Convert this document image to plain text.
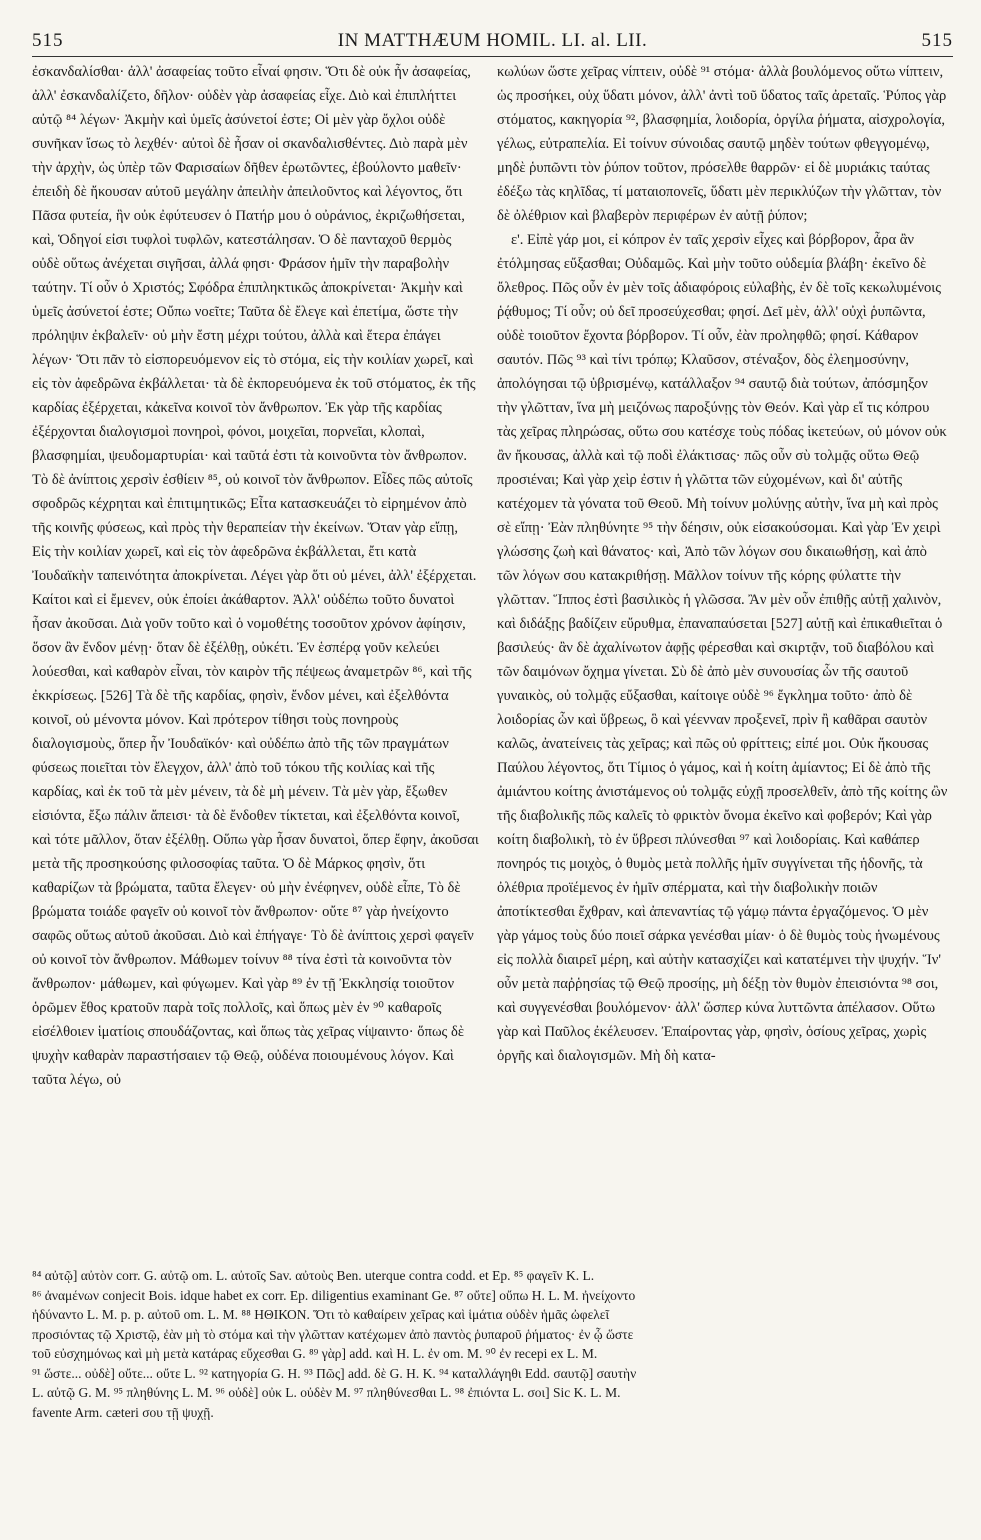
515	IN MATTHÆUM HOMIL. LI. al. LII.	515

ἐσκανδαλίσθαι· ἀλλ' ἀσαφείας τοῦτο εἶναί φησιν. Ὅτι δὲ οὐκ ἦν ἀσαφείας, ἀλλ' ἐσκανδαλίζετο, δῆλον· οὐδὲν γὰρ ἀσαφείας εἶχε. Διὸ καὶ ἐπιπλήττει αὐτῷ ⁸⁴ λέγων· Ἀκμὴν καὶ ὑμεῖς ἀσύνετοί ἐστε; Οἱ μὲν γὰρ ὄχλοι οὐδὲ συνῆκαν ἴσως τὸ λεχθέν· αὐτοὶ δὲ ἦσαν οἱ σκανδαλισθέντες. Διὸ παρὰ μὲν τὴν ἀρχὴν, ὡς ὑπὲρ τῶν Φαρισαίων δῆθεν ἐρωτῶντες, ἐβούλοντο μαθεῖν· ἐπειδὴ δὲ ἤκουσαν αὐτοῦ μεγάλην ἀπειλὴν ἀπειλοῦντος καὶ λέγοντος, ὅτι Πᾶσα φυτεία, ἣν οὐκ ἐφύτευσεν ὁ Πατήρ μου ὁ οὐράνιος, ἐκριζωθήσεται, καὶ, Ὁδηγοί εἰσι τυφλοὶ τυφλῶν, κατεστάλησαν. Ὁ δὲ πανταχοῦ θερμὸς οὐδὲ οὕτως ἀνέχεται σιγῆσαι, ἀλλά φησι· Φράσον ἡμῖν τὴν παραβολὴν ταύτην. Τί οὖν ὁ Χριστός; Σφόδρα ἐπιπληκτικῶς ἀποκρίνεται· Ἀκμὴν καὶ ὑμεῖς ἀσύνετοί ἐστε; Οὔπω νοεῖτε; Ταῦτα δὲ ἔλεγε καὶ ἐπετίμα, ὥστε τὴν πρόληψιν ἐκβαλεῖν· οὐ μὴν ἔστη μέχρι τούτου, ἀλλὰ καὶ ἕτερα ἐπάγει λέγων· Ὅτι πᾶν τὸ εἰσπορευόμενον εἰς τὸ στόμα, εἰς τὴν κοιλίαν χωρεῖ, καὶ εἰς τὸν ἀφεδρῶνα ἐκβάλλεται· τὰ δὲ ἐκπορευόμενα ἐκ τοῦ στόματος, ἐκ τῆς καρδίας ἐξέρχεται, κἀκεῖνα κοινοῖ τὸν ἄνθρωπον. Ἐκ γὰρ τῆς καρδίας ἐξέρχονται διαλογισμοὶ πονηροὶ, φόνοι, μοιχεῖαι, πορνεῖαι, κλοπαὶ, βλασφημίαι, ψευδομαρτυρίαι· καὶ ταῦτά ἐστι τὰ κοινοῦντα τὸν ἄνθρωπον. Τὸ δὲ ἀνίπτοις χερσὶν ἐσθίειν ⁸⁵, οὐ κοινοῖ τὸν ἄνθρωπον. Εἶδες πῶς αὐτοῖς σφοδρῶς κέχρηται καὶ ἐπιτιμητικῶς; Εἶτα κατασκευάζει τὸ εἰρημένον ἀπὸ τῆς κοινῆς φύσεως, καὶ πρὸς τὴν θεραπείαν τὴν ἐκείνων. Ὅταν γὰρ εἴπῃ, Εἰς τὴν κοιλίαν χωρεῖ, καὶ εἰς τὸν ἀφεδρῶνα ἐκβάλλεται, ἔτι κατὰ Ἰουδαϊκὴν ταπεινότητα ἀποκρίνεται. Λέγει γὰρ ὅτι οὐ μένει, ἀλλ' ἐξέρχεται. Καίτοι καὶ εἰ ἔμενεν, οὐκ ἐποίει ἀκάθαρτον. Ἀλλ' οὐδέπω τοῦτο δυνατοὶ ἦσαν ἀκοῦσαι. Διὰ γοῦν τοῦτο καὶ ὁ νομοθέτης τοσοῦτον χρόνον ἀφίησιν, ὅσον ἂν ἔνδον μένῃ· ὅταν δὲ ἐξέλθῃ, οὐκέτι. Ἐν ἑσπέρᾳ γοῦν κελεύει λούεσθαι, καὶ καθαρὸν εἶναι, τὸν καιρὸν τῆς πέψεως ἀναμετρῶν ⁸⁶, καὶ τῆς ἐκκρίσεως. [526] Τὰ δὲ τῆς καρδίας, φησὶν, ἔνδον μένει, καὶ ἐξελθόντα κοινοῖ, οὐ μένοντα μόνον. Καὶ πρότερον τίθησι τοὺς πονηροὺς διαλογισμοὺς, ὅπερ ἦν Ἰουδαϊκόν· καὶ οὐδέπω ἀπὸ τῆς τῶν πραγμάτων φύσεως ποιεῖται τὸν ἔλεγχον, ἀλλ' ἀπὸ τοῦ τόκου τῆς κοιλίας καὶ τῆς καρδίας, καὶ ἐκ τοῦ τὰ μὲν μένειν, τὰ δὲ μὴ μένειν. Τὰ μὲν γὰρ, ἔξωθεν εἰσιόντα, ἔξω πάλιν ἄπεισι· τὰ δὲ ἔνδοθεν τίκτεται, καὶ ἐξελθόντα κοινοῖ, καὶ τότε μᾶλλον, ὅταν ἐξέλθῃ. Οὕπω γὰρ ἦσαν δυνατοὶ, ὅπερ ἔφην, ἀκοῦσαι μετὰ τῆς προσηκούσης φιλοσοφίας ταῦτα. Ὁ δὲ Μάρκος φησὶν, ὅτι καθαρίζων τὰ βρώματα, ταῦτα ἔλεγεν· οὐ μὴν ἐνέφηνεν, οὐδὲ εἶπε, Τὸ δὲ βρώματα τοιάδε φαγεῖν οὐ κοινοῖ τὸν ἄνθρωπον· οὔτε ⁸⁷ γὰρ ἠνείχοντο σαφῶς οὕτως αὐτοῦ ἀκοῦσαι. Διὸ καὶ ἐπήγαγε· Τὸ δὲ ἀνίπτοις χερσὶ φαγεῖν οὐ κοινοῖ τὸν ἄνθρωπον. Μάθωμεν τοίνυν ⁸⁸ τίνα ἐστὶ τὰ κοινοῦντα τὸν ἄνθρωπον· μάθωμεν, καὶ φύγωμεν. Καὶ γὰρ ⁸⁹ ἐν τῇ Ἐκκλησίᾳ τοιοῦτον ὁρῶμεν ἔθος κρατοῦν παρὰ τοῖς πολλοῖς, καὶ ὅπως μὲν ἐν ⁹⁰ καθαροῖς εἰσέλθοιεν ἱματίοις σπουδάζοντας, καὶ ὅπως τὰς χεῖρας νίψαιντο· ὅπως δὲ ψυχὴν καθαρὰν παραστήσαιεν τῷ Θεῷ, οὐδένα ποιουμένους λόγον. Καὶ ταῦτα λέγω, οὐ

κωλύων ὥστε χεῖρας νίπτειν, οὐδὲ ⁹¹ στόμα· ἀλλὰ βουλόμενος οὕτω νίπτειν, ὡς προσήκει, οὐχ ὕδατι μόνον, ἀλλ' ἀντὶ τοῦ ὕδατος ταῖς ἀρεταῖς. Ῥύπος γὰρ στόματος, κακηγορία ⁹², βλασφημία, λοιδορία, ὀργίλα ῥήματα, αἰσχρολογία, γέλως, εὐτραπελία. Εἰ τοίνυν σύνοιδας σαυτῷ μηδὲν τούτων φθεγγομένῳ, μηδὲ ῥυπῶντι τὸν ῥύπον τοῦτον, πρόσελθε θαρρῶν· εἰ δὲ μυριάκις ταύτας ἐδέξω τὰς κηλῖδας, τί ματαιοπονεῖς, ὕδατι μὲν περικλύζων τὴν γλῶτταν, τὸν δὲ ὀλέθριον καὶ βλαβερὸν περιφέρων ἐν αὐτῇ ῥύπον;

ε'. Εἰπὲ γάρ μοι, εἰ κόπρον ἐν ταῖς χερσὶν εἶχες καὶ βόρβορον, ἆρα ἂν ἐτόλμησας εὔξασθαι; Οὐδαμῶς. Καὶ μὴν τοῦτο οὐδεμία βλάβη· ἐκεῖνο δὲ ὄλεθρος. Πῶς οὖν ἐν μὲν τοῖς ἀδιαφόροις εὐλαβὴς, ἐν δὲ τοῖς κεκωλυμένοις ῥᾴθυμος; Τί οὖν; οὐ δεῖ προσεύχεσθαι; φησί. Δεῖ μὲν, ἀλλ' οὐχὶ ῥυπῶντα, οὐδὲ τοιοῦτον ἔχοντα βόρβορον. Τί οὖν, ἐὰν προληφθῶ; φησί. Κάθαρον σαυτόν. Πῶς ⁹³ καὶ τίνι τρόπῳ; Κλαῦσον, στέναξον, δὸς ἐλεημοσύνην, ἀπολόγησαι τῷ ὑβρισμένῳ, κατάλλαξον ⁹⁴ σαυτῷ διὰ τούτων, ἀπόσμηξον τὴν γλῶτταν, ἵνα μὴ μειζόνως παροξύνῃς τὸν Θεόν. Καὶ γὰρ εἴ τις κόπρου τὰς χεῖρας πληρώσας, οὕτω σου κατέσχε τοὺς πόδας ἱκετεύων, οὐ μόνον οὐκ ἂν ἤκουσας, ἀλλὰ καὶ τῷ ποδὶ ἐλάκτισας· πῶς οὖν σὺ τολμᾷς οὕτω Θεῷ προσιέναι; Καὶ γὰρ χεὶρ ἐστιν ἡ γλῶττα τῶν εὐχομένων, καὶ δι' αὐτῆς κατέχομεν τὰ γόνατα τοῦ Θεοῦ. Μὴ τοίνυν μολύνῃς αὐτὴν, ἵνα μὴ καὶ πρὸς σὲ εἴπῃ· Ἐὰν πληθύνητε ⁹⁵ τὴν δέησιν, οὐκ εἰσακούσομαι. Καὶ γὰρ Ἐν χειρὶ γλώσσης ζωὴ καὶ θάνατος· καὶ, Ἀπὸ τῶν λόγων σου δικαιωθήσῃ, καὶ ἀπὸ τῶν λόγων σου κατακριθήσῃ. Μᾶλλον τοίνυν τῆς κόρης φύλαττε τὴν γλῶτταν. Ἵππος ἐστὶ βασιλικὸς ἡ γλῶσσα. Ἂν μὲν οὖν ἐπιθῇς αὐτῇ χαλινὸν, καὶ διδάξῃς βαδίζειν εὔρυθμα, ἐπαναπαύσεται [527] αὐτῇ καὶ ἐπικαθιεῖται ὁ βασιλεύς· ἂν δὲ ἀχαλίνωτον ἀφῇς φέρεσθαι καὶ σκιρτᾷν, τοῦ διαβόλου καὶ τῶν δαιμόνων ὄχημα γίνεται. Σὺ δὲ ἀπὸ μὲν συνουσίας ὧν τῆς σαυτοῦ γυναικὸς, οὐ τολμᾷς εὔξασθαι, καίτοιγε οὐδὲ ⁹⁶ ἔγκλημα τοῦτο· ἀπὸ δὲ λοιδορίας ὧν καὶ ὕβρεως, ὃ καὶ γέενναν προξενεῖ, πρὶν ἢ καθᾶραι σαυτὸν καλῶς, ἀνατείνεις τὰς χεῖρας; καὶ πῶς οὐ φρίττεις; εἰπέ μοι. Οὐκ ἤκουσας Παύλου λέγοντος, ὅτι Τίμιος ὁ γάμος, καὶ ἡ κοίτη ἀμίαντος; Εἰ δὲ ἀπὸ τῆς ἀμιάντου κοίτης ἀνιστάμενος οὐ τολμᾷς εὐχῇ προσελθεῖν, ἀπὸ τῆς κοίτης ὢν τῆς διαβολικῆς πῶς καλεῖς τὸ φρικτὸν ὄνομα ἐκεῖνο καὶ φοβερόν; Καὶ γὰρ κοίτη διαβολικὴ, τὸ ἐν ὕβρεσι πλύνεσθαι ⁹⁷ καὶ λοιδορίαις. Καὶ καθάπερ πονηρός τις μοιχὸς, ὁ θυμὸς μετὰ πολλῆς ἡμῖν συγγίνεται τῆς ἡδονῆς, τὰ ὀλέθρια προϊέμενος ἐν ἡμῖν σπέρματα, καὶ τὴν διαβολικὴν ποιῶν ἀποτίκτεσθαι ἔχθραν, καὶ ἀπεναντίας τῷ γάμῳ πάντα ἐργαζόμενος. Ὁ μὲν γὰρ γάμος τοὺς δύο ποιεῖ σάρκα γενέσθαι μίαν· ὁ δὲ θυμὸς τοὺς ἡνωμένους εἰς πολλὰ διαιρεῖ μέρη, καὶ αὐτὴν κατασχίζει καὶ κατατέμνει τὴν ψυχήν. Ἵν' οὖν μετὰ παῤῥησίας τῷ Θεῷ προσίῃς, μὴ δέξῃ τὸν θυμὸν ἐπεισιόντα ⁹⁸ σοι, καὶ συγγενέσθαι βουλόμενον· ἀλλ' ὥσπερ κύνα λυττῶντα ἀπέλασον. Οὕτω γὰρ καὶ Παῦλος ἐκέλευσεν. Ἐπαίροντας γὰρ, φησὶν, ὁσίους χεῖρας, χωρὶς ὀργῆς καὶ διαλογισμῶν. Μὴ δὴ κατα-

⁸⁴ αὐτῷ] αὐτὸν corr. G. αὐτῷ om. L. αὐτοῖς Sav. αὐτοὺς Ben. uterque contra codd. et Ep. ⁸⁵ φαγεῖν K. L.
⁸⁶ ἀναμένων conjecit Bois. idque habet ex corr. Ep. diligentius examinant Ge. ⁸⁷ οὔτε] οὔπω H. L. M. ἠνείχοντο
ἠδύναντο L. M. p. p. αὐτοῦ om. L. M. ⁸⁸ ΗΘΙΚΟΝ. Ὅτι τὸ καθαίρειν χεῖρας καὶ ἱμάτια οὐδὲν ἡμᾶς ὠφελεῖ
προσιόντας τῷ Χριστῷ, ἐὰν μὴ τὸ στόμα καὶ τὴν γλῶτταν κατέχωμεν ἀπὸ παντὸς ῥυπαροῦ ῥήματος· ἐν ᾧ ὥστε
τοῦ εὐσχημόνως καὶ μὴ μετὰ κατάρας εὔχεσθαι G. ⁸⁹ γὰρ] add. καὶ H. L. ἐν om. M. ⁹⁰ ἐν recepi ex L. M.
⁹¹ ὥστε... οὐδὲ] οὔτε... οὔτε L. ⁹² κατηγορία G. H. ⁹³ Πῶς] add. δὲ G. H. K. ⁹⁴ καταλλάγηθι Edd. σαυτῷ] σαυτὴν
L. αὐτῷ G. M. ⁹⁵ πληθύνης L. M. ⁹⁶ οὐδὲ] οὐκ L. οὐδὲν M. ⁹⁷ πληθύνεσθαι L. ⁹⁸ ἐπιόντα L. σοι] Sic K. L. M.
favente Arm. cæteri σου τῇ ψυχῇ.
